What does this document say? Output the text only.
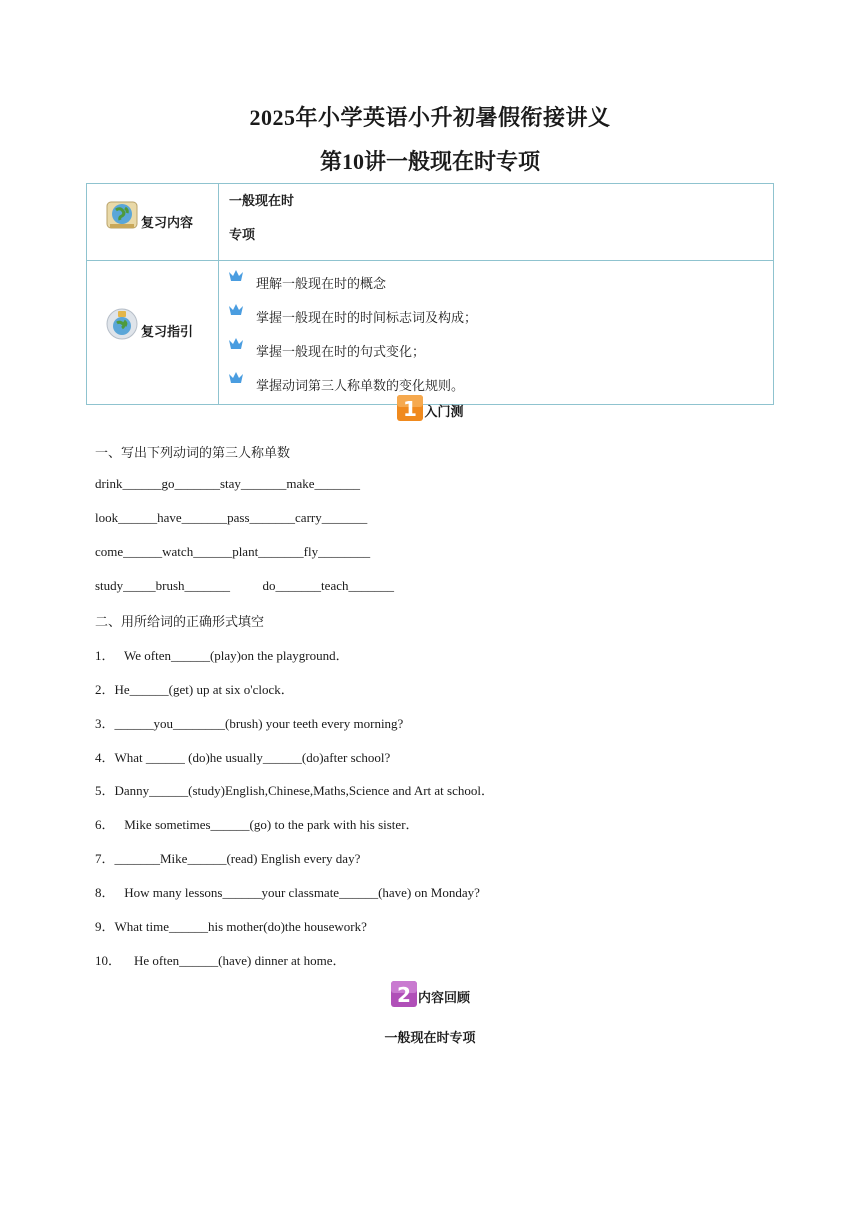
2025年小学英语小升初暑假衔接讲义
第10讲一般现在时专项
复习内容	一般现在时
专项

复习指引	理解一般现在时的概念
掌握一般现在时的时间标志词及构成；
掌握一般现在时的句式变化；
掌握动词第三人称单数的变化规则。
1 入门测
一、写出下列动词的第三人称单数
drink______go_______stay_______make_______
look______have_______pass_______carry_______
come______watch______plant_______fly________
study_____brush_______          do_______teach_______
二、用所给词的正确形式填空
1．   We often______(play)on the playground．
2．He______(get) up at six o'clock．
3．______you________(brush) your teeth every morning?
4．What ______ (do)he usually______(do)after school?
5．Danny______(study)English,Chinese,Maths,Science and Art at school．
6．   Mike sometimes______(go) to the park with his sister．
7．_______Mike______(read) English every day?
8．   How many lessons______your classmate______(have) on Monday?
9．What time______his mother(do)the housework?
10．    He often______(have) dinner at home．
2 内容回顾
一般现在时专项
